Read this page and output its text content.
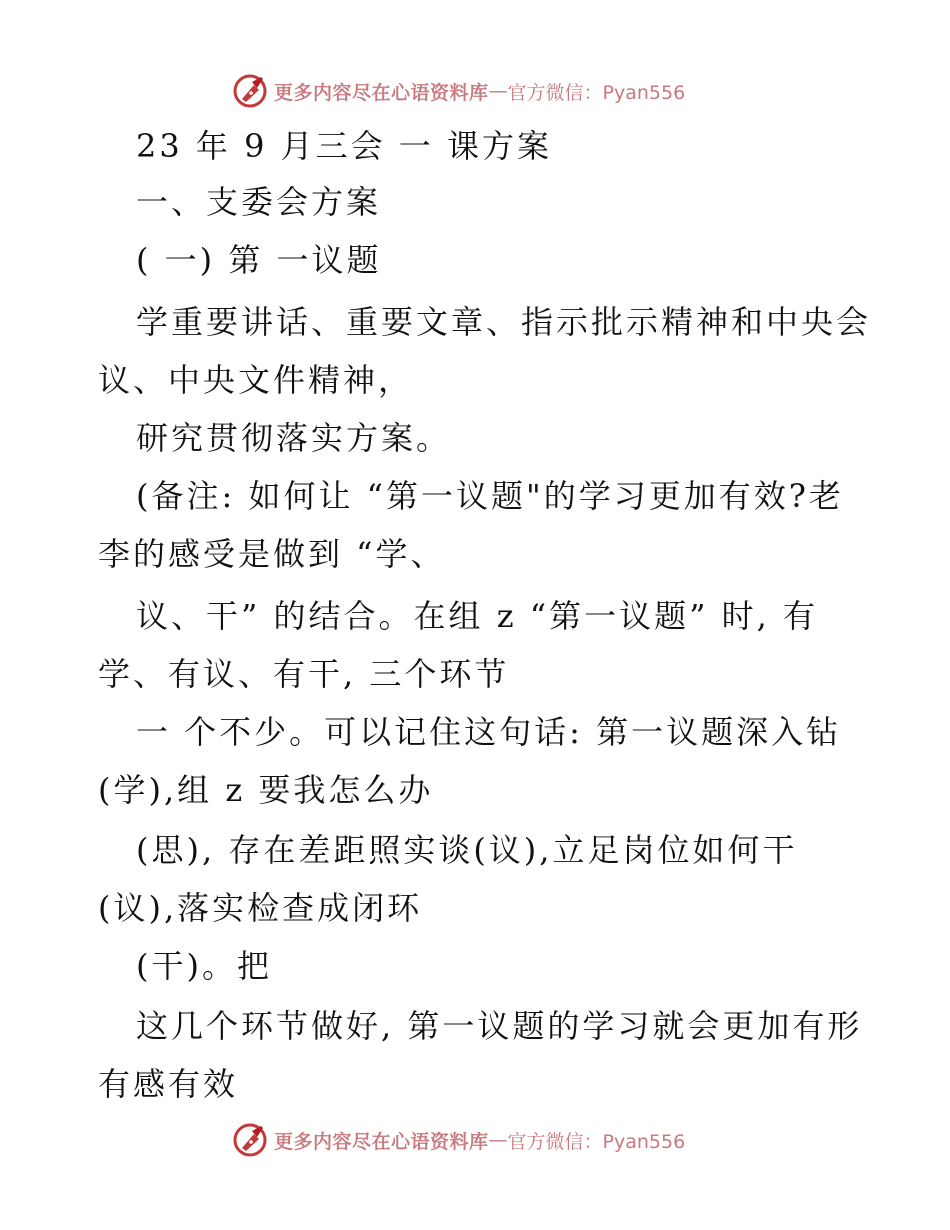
更多内容尽在心语资料库 — 官方微信：Pyan556
23 年 9 月三会 一 课方案
一、支委会方案
( 一) 第 一议题
学重要讲话、重要文章、指示批示精神和中央会
议、中央文件精神，
研究贯彻落实方案。
(备注: 如何让 “第一议题"的学习更加有效?老
李的感受是做到 “学、
议、干” 的结合。在组 z “第一议题” 时, 有
学、有议、有干, 三个环节
一 个不少。可以记住这句话: 第一议题深入钻
(学),组 z 要我怎么办
(思), 存在差距照实谈(议),立足岗位如何干
(议),落实检查成闭环
(干)。把
这几个环节做好, 第一议题的学习就会更加有形
有感有效
更多内容尽在心语资料库 — 官方微信：Pyan556
